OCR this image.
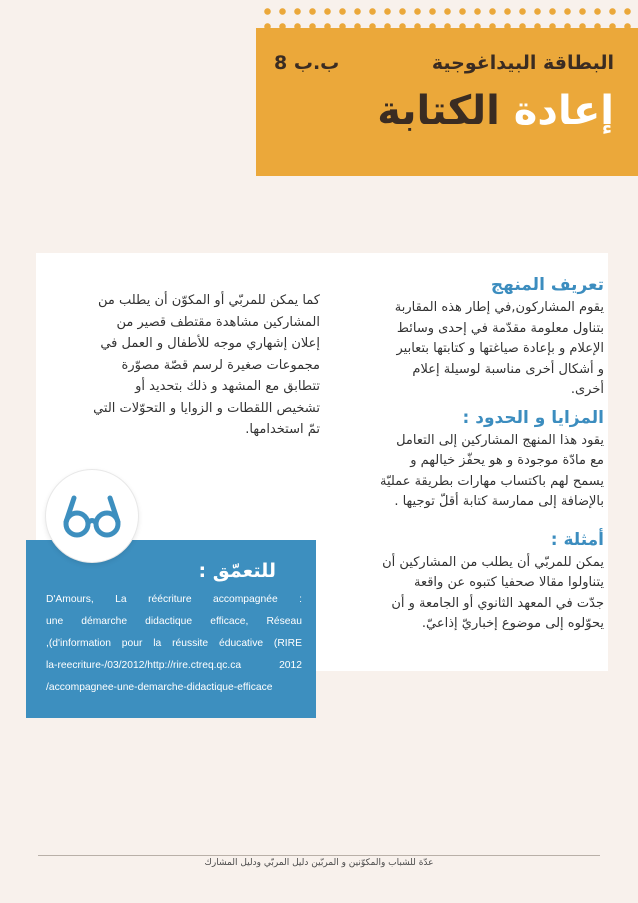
ب.ب 8	البطاقة البيداغوجية
إعادة الكتابة
تعريف المنهج
يقوم المشاركون,في إطار هذه المقاربة
بتناول معلومة مقدّمة في إحدى وسائط
الإعلام و بإعادة صياغتها و كتابتها بتعابير
و أشكال أخرى مناسبة لوسيلة إعلام
أخرى.
المزايا و الحدود :
يقود هذا المنهج المشاركين إلى التعامل
مع مادّة موجودة و هو يحفّز خيالهم و
يسمح لهم باكتساب مهارات بطريقة عمليّة
بالإضافة إلى ممارسة كتابة أقلّ توجيها .
أمثلة :
يمكن للمربّي أن يطلب من المشاركين أن
يتناولوا مقالا صحفيا كتبوه عن واقعة
جدّت في المعهد الثانوي أو الجامعة و أن
يحوّلوه إلى موضوع إخباريّ إذاعيّ.
كما يمكن للمربّي أو المكوّن أن يطلب من
المشاركين مشاهدة مقتطف قصير من
إعلان إشهاري موجه للأطفال و العمل في
مجموعات صغيرة لرسم قصّة مصوّرة
تتطابق مع المشهد و ذلك بتحديد أو
تشخيص اللقطات و الزوايا و التحوّلات التي
تمّ استخدامها.
للتعمّق :
D'Amours, La réécriture accompagnée :
une démarche didactique efficace, Réseau
,(d'information pour la réussite éducative (RIRE
la-reecriture-/03/2012/http://rire.ctreq.qc.ca	2012
/accompagnee-une-demarche-didactique-efficace
عدّة للشباب والمكوّنين و المربّين دليل المربّي ودليل المشارك
